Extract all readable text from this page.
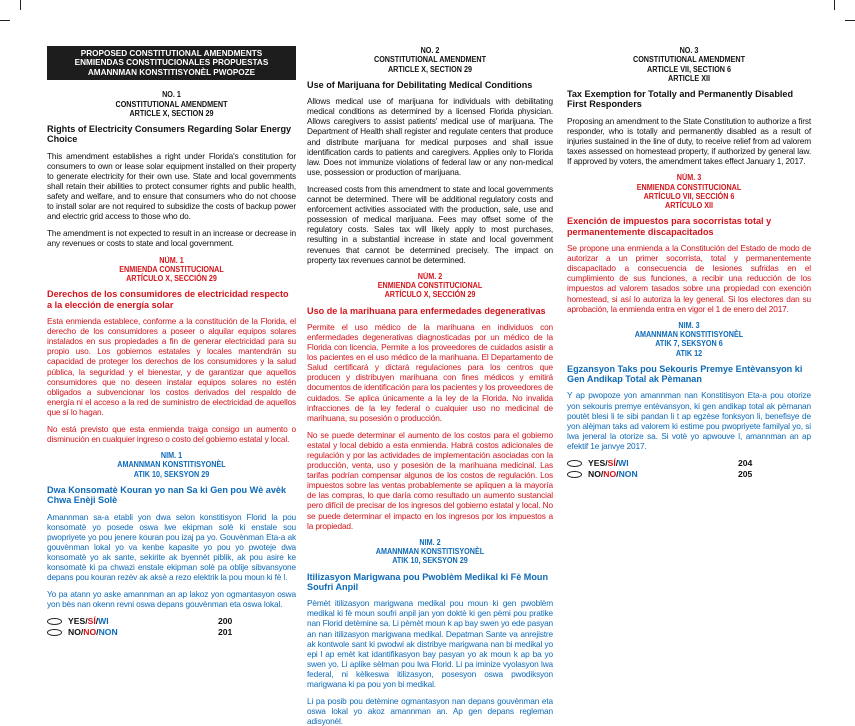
PROPOSED CONSTITUTIONAL AMENDMENTS
ENMIENDAS CONSTITUCIONALES PROPUESTAS
AMANNMAN KONSTITISYONÈL PWOPOZE
NO. 1
CONSTITUTIONAL AMENDMENT
ARTICLE X, SECTION 29
Rights of Electricity Consumers Regarding Solar Energy Choice
This amendment establishes a right under Florida's constitution for consumers to own or lease solar equipment installed on their property to generate electricity for their own use. State and local governments shall retain their abilities to protect consumer rights and public health, safety and welfare, and to ensure that consumers who do not choose to install solar are not required to subsidize the costs of backup power and electric grid access to those who do.
The amendment is not expected to result in an increase or decrease in any revenues or costs to state and local government.
NÚM. 1
ENMIENDA CONSTITUCIONAL
ARTÍCULO X, SECCIÓN 29
Derechos de los consumidores de electricidad respecto a la elección de energía solar
Esta enmienda establece, conforme a la constitución de la Florida, el derecho de los consumidores a poseer o alquilar equipos solares instalados en sus propiedades a fin de generar electricidad para su propio uso. Los gobiernos estatales y locales mantendrán su capacidad de proteger los derechos de los consumidores y la salud pública, la seguridad y el bienestar, y de garantizar que aquellos consumidores que no deseen instalar equipos solares no estén obligados a subvencionar los costos derivados del respaldo de energía ni el acceso a la red de suministro de electricidad de aquellos que sí lo hagan.
No está previsto que esta enmienda traiga consigo un aumento o disminución en cualquier ingreso o costo del gobierno estatal y local.
NIM. 1
AMANNMAN KONSTITISYONÈL
ATIK 10, SEKSYON 29
Dwa Konsomatè Kouran yo nan Sa ki Gen pou Wè avèk Chwa Enèji Solè
Amannman sa-a etabli yon dwa selon konstitisyon Florid la pou konsomatè yo posede oswa lwe ekipman solè ki enstale sou pwopriyete yo pou jenere kouran pou izaj pa yo. Gouvènman Eta-a ak gouvènman lokal yo va kenbe kapasite yo pou yo pwoteje dwa konsomatè yo ak sante, sekirite ak byennèt piblik, ak pou asire ke konsomatè ki pa chwazi enstale ekipman solè pa oblije sibvansyone depans pou kouran rezèv ak aksè a rezo elektrik la pou moun ki fè l.
Yo pa atann yo aske amannman an ap lakoz yon ogmantasyon oswa yon bès nan okenn revni oswa depans gouvènman eta oswa lokal.
YES/SÍ/WI	200
NO/NO/NON	201
NO. 2
CONSTITUTIONAL AMENDMENT
ARTICLE X, SECTION 29
Use of Marijuana for Debilitating Medical Conditions
Allows medical use of marijuana for individuals with debilitating medical conditions as determined by a licensed Florida physician. Allows caregivers to assist patients' medical use of marijuana. The Department of Health shall register and regulate centers that produce and distribute marijuana for medical purposes and shall issue identification cards to patients and caregivers. Applies only to Florida law. Does not immunize violations of federal law or any non-medical use, possession or production of marijuana.
Increased costs from this amendment to state and local governments cannot be determined. There will be additional regulatory costs and enforcement activities associated with the production, sale, use and possession of medical marijuana. Fees may offset some of the regulatory costs. Sales tax will likely apply to most purchases, resulting in a substantial increase in state and local government revenues that cannot be determined precisely. The impact on property tax revenues cannot be determined.
NÚM. 2
ENMIENDA CONSTITUCIONAL
ARTÍCULO X, SECCIÓN 29
Uso de la marihuana para enfermedades degenerativas
Permite el uso médico de la marihuana en individuos con enfermedades degenerativas diagnosticadas por un médico de la Florida con licencia. Permite a los proveedores de cuidados asistir a los pacientes en el uso médico de la marihuana. El Departamento de Salud certificará y dictará regulaciones para los centros que producen y distribuyen marihuana con fines médicos y emitirá documentos de identificación para los pacientes y los proveedores de cuidados. Se aplica únicamente a la ley de la Florida. No invalida infracciones de la ley federal o cualquier uso no medicinal de marihuana, su posesión o producción.
No se puede determinar el aumento de los costos para el gobierno estatal y local debido a esta enmienda. Habrá costos adicionales de regulación y por las actividades de implementación asociadas con la producción, venta, uso y posesión de la marihuana medicinal. Las tarifas podrían compensar algunos de los costos de regulación. Los impuestos sobre las ventas probablemente se apliquen a la mayoría de las compras, lo que daría como resultado un aumento sustancial pero difícil de precisar de los ingresos del gobierno estatal y local. No se puede determinar el impacto en los ingresos por los impuestos a la propiedad.
NIM. 2
AMANNMAN KONSTITISYONÈL
ATIK 10, SEKSYON 29
Itilizasyon Marigwana pou Pwoblèm Medikal ki Fè Moun Soufri Anpil
Pèmèt itilizasyon marigwana medikal pou moun ki gen pwoblèm medikal ki fè moun soufri anpil jan yon doktè ki gen pèmi pou pratike nan Florid detèmine sa. Li pèmèt moun k ap bay swen yo ede pasyan an nan itilizasyon marigwana medikal. Depatman Sante va anrejistre ak kontwole sant ki pwodwi ak distribye marigwana nan bi medikal yo epi l ap emèt kat idantifikasyon bay pasyan yo ak moun k ap ba yo swen yo. Li aplike sèlman pou lwa Florid. Li pa iminize vyolasyon lwa federal, ni kèlkeswa itilizasyon, posesyon oswa pwodiksyon marigwana ki pa pou yon bi medikal.
Li pa posib pou detèmine ogmantasyon nan depans gouvènman eta oswa lokal yo akoz amannman an. Ap gen depans regleman adisyonèl.
NO. 3
CONSTITUTIONAL AMENDMENT
ARTICLE VII, SECTION 6
ARTICLE XII
Tax Exemption for Totally and Permanently Disabled First Responders
Proposing an amendment to the State Constitution to authorize a first responder, who is totally and permanently disabled as a result of injuries sustained in the line of duty, to receive relief from ad valorem taxes assessed on homestead property, if authorized by general law. If approved by voters, the amendment takes effect January 1, 2017.
NÚM. 3
ENMIENDA CONSTITUCIONAL
ARTÍCULO VII, SECCIÓN 6
ARTÍCULO XII
Exención de impuestos para socorristas total y permanentemente discapacitados
Se propone una enmienda a la Constitución del Estado de modo de autorizar a un primer socorrista, total y permanentemente discapacitado a consecuencia de lesiones sufridas en el cumplimiento de sus funciones, a recibir una reducción de los impuestos ad valorem tasados sobre una propiedad con exención homestead, si así lo autoriza la ley general. Si los electores dan su aprobación, la enmienda entra en vigor el 1 de enero del 2017.
NIM. 3
AMANNMAN KONSTITISYONÈL
ATIK 7, SEKSYON 6
ATIK 12
Egzansyon Taks pou Sekouris Premye Entèvansyon ki Gen Andikap Total ak Pèmanan
Y ap pwopoze yon amannman nan Konstitisyon Eta-a pou otorize yon sekouris premye entèvansyon, ki gen andikap total ak pèmanan poutèt blesi li te sibi pandan li t ap egzèse fonksyon li, benefisye de yon alèjman taks ad valorem ki estime pou pwopriyete familyal yo, si lwa jeneral la otorize sa. Si votè yo apwouve l, amannman an ap efektif 1e janvye 2017.
YES/SÍ/WI	204
NO/NO/NON	205
